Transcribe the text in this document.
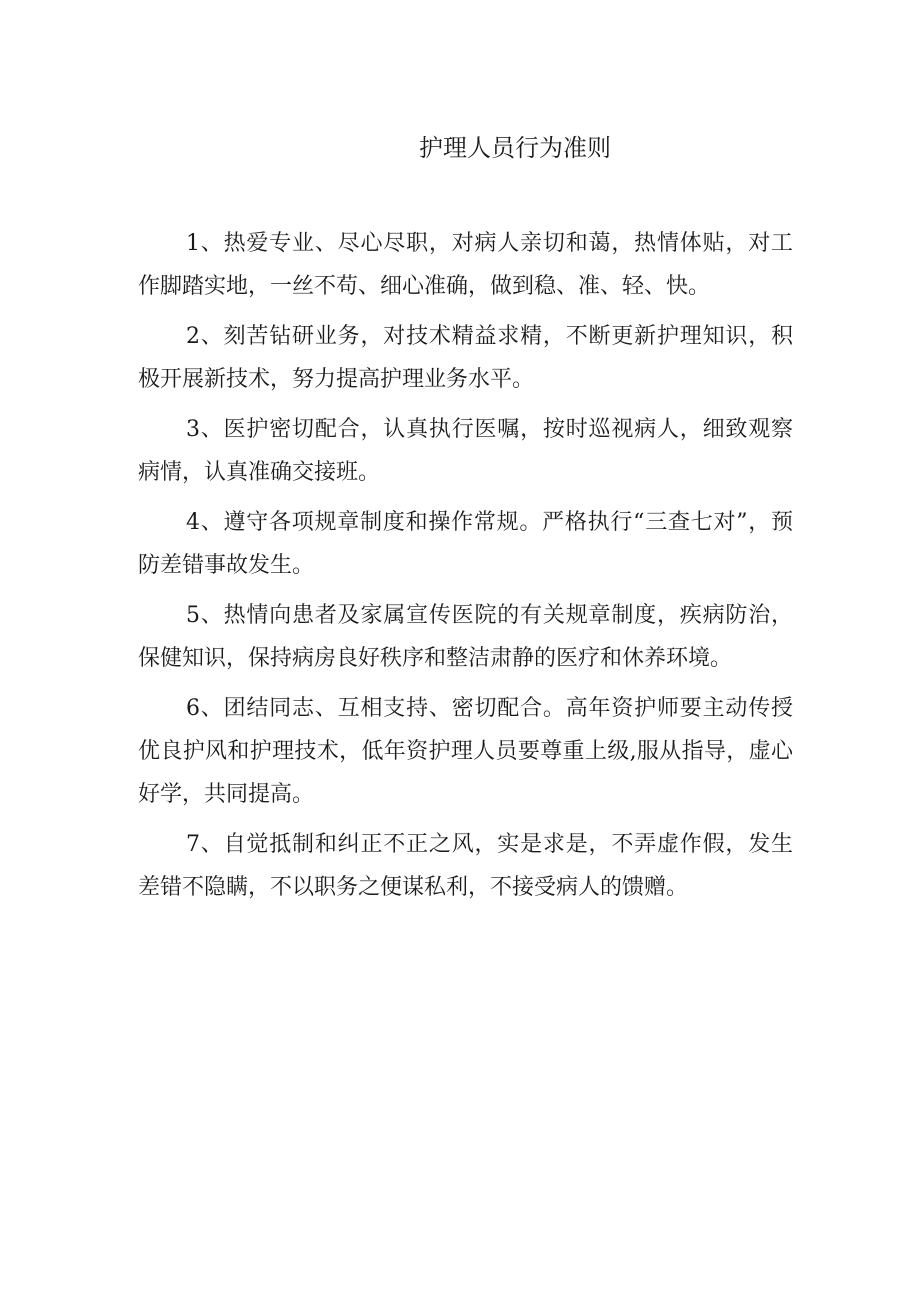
护理人员行为准则

1、热爱专业、尽心尽职，对病人亲切和蔼，热情体贴，对工作脚踏实地，一丝不苟、细心准确，做到稳、准、轻、快。

2、刻苦钻研业务，对技术精益求精，不断更新护理知识，积极开展新技术，努力提高护理业务水平。

3、医护密切配合，认真执行医嘱，按时巡视病人，细致观察病情，认真准确交接班。

4、遵守各项规章制度和操作常规。严格执行“三查七对”，预防差错事故发生。

5、热情向患者及家属宣传医院的有关规章制度，疾病防治，保健知识，保持病房良好秩序和整洁肃静的医疗和休养环境。

6、团结同志、互相支持、密切配合。高年资护师要主动传授优良护风和护理技术，低年资护理人员要尊重上级,服从指导，虚心好学，共同提高。

7、自觉抵制和纠正不正之风，实是求是，不弄虚作假，发生差错不隐瞒，不以职务之便谋私利，不接受病人的馈赠。
